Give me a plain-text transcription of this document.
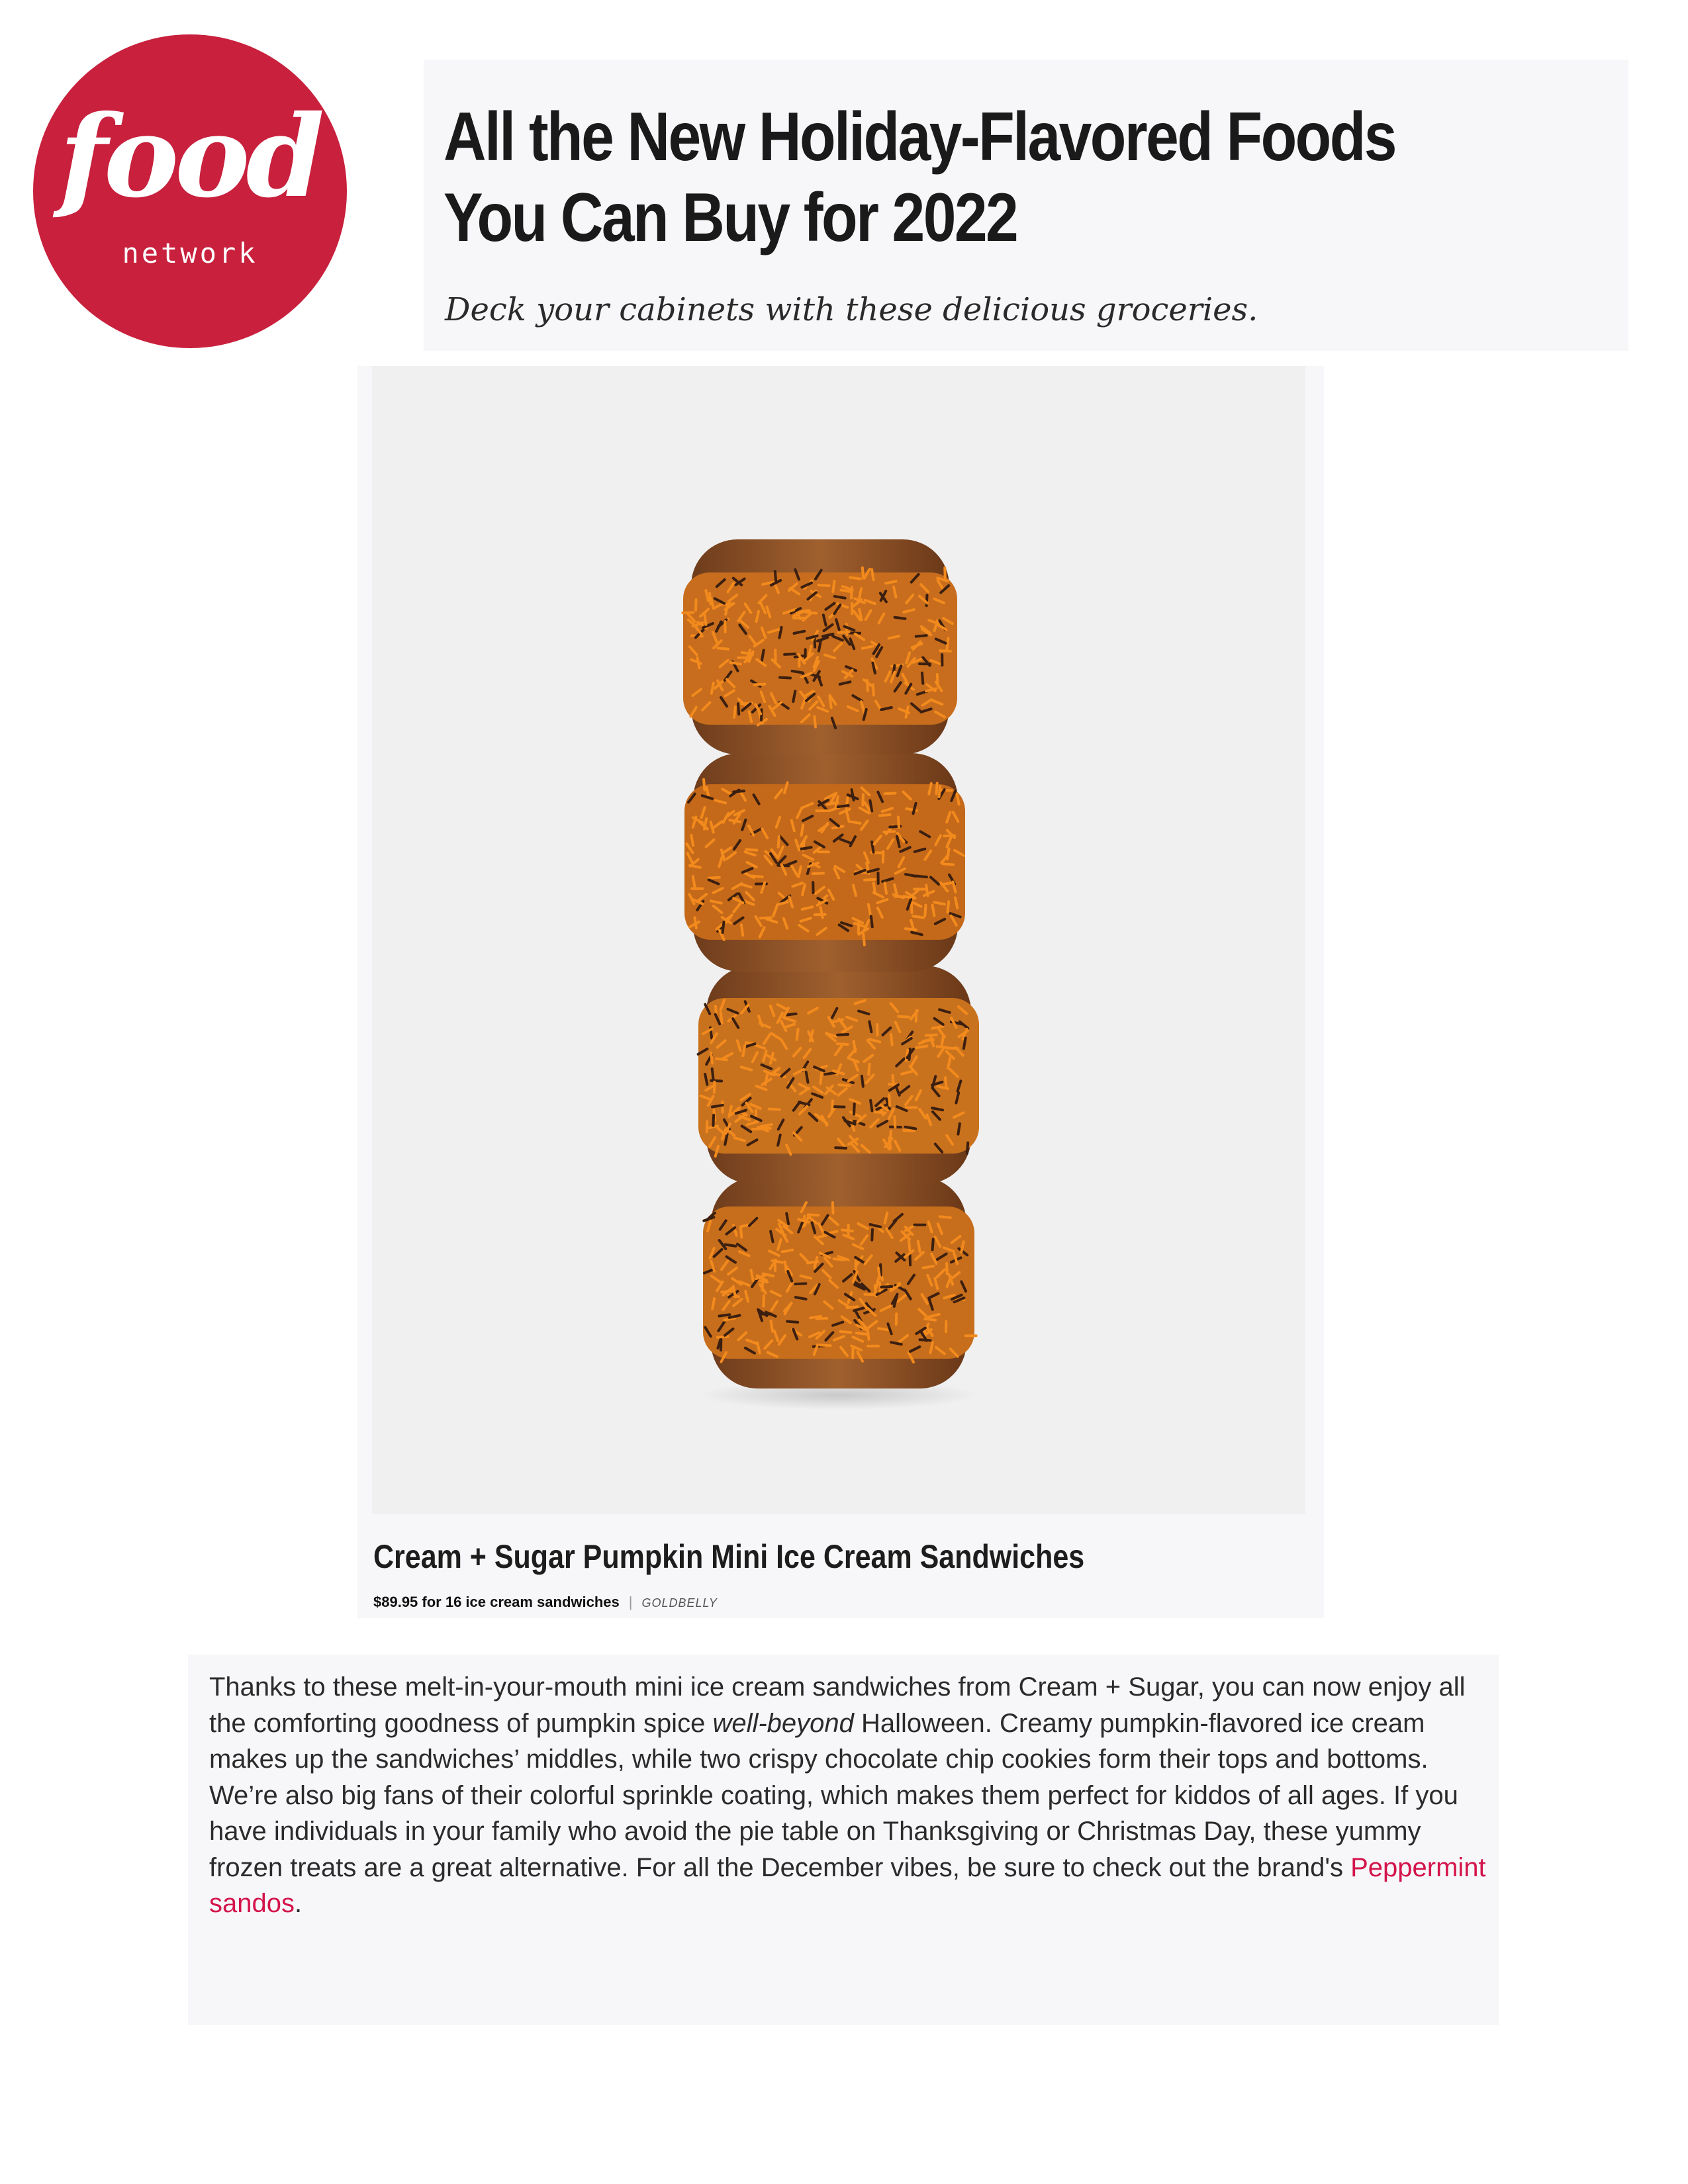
food
network
All the New Holiday-Flavored Foods
You Can Buy for 2022

Deck your cabinets with these delicious groceries.

Cream + Sugar Pumpkin Mini Ice Cream Sandwiches
$89.95 for 16 ice cream sandwiches | GOLDBELLY

Thanks to these melt-in-your-mouth mini ice cream sandwiches from Cream + Sugar, you can now enjoy all the comforting goodness of pumpkin spice well-beyond Halloween. Creamy pumpkin-flavored ice cream makes up the sandwiches’ middles, while two crispy chocolate chip cookies form their tops and bottoms. We’re also big fans of their colorful sprinkle coating, which makes them perfect for kiddos of all ages. If you have individuals in your family who avoid the pie table on Thanksgiving or Christmas Day, these yummy frozen treats are a great alternative. For all the December vibes, be sure to check out the brand's Peppermint sandos.
